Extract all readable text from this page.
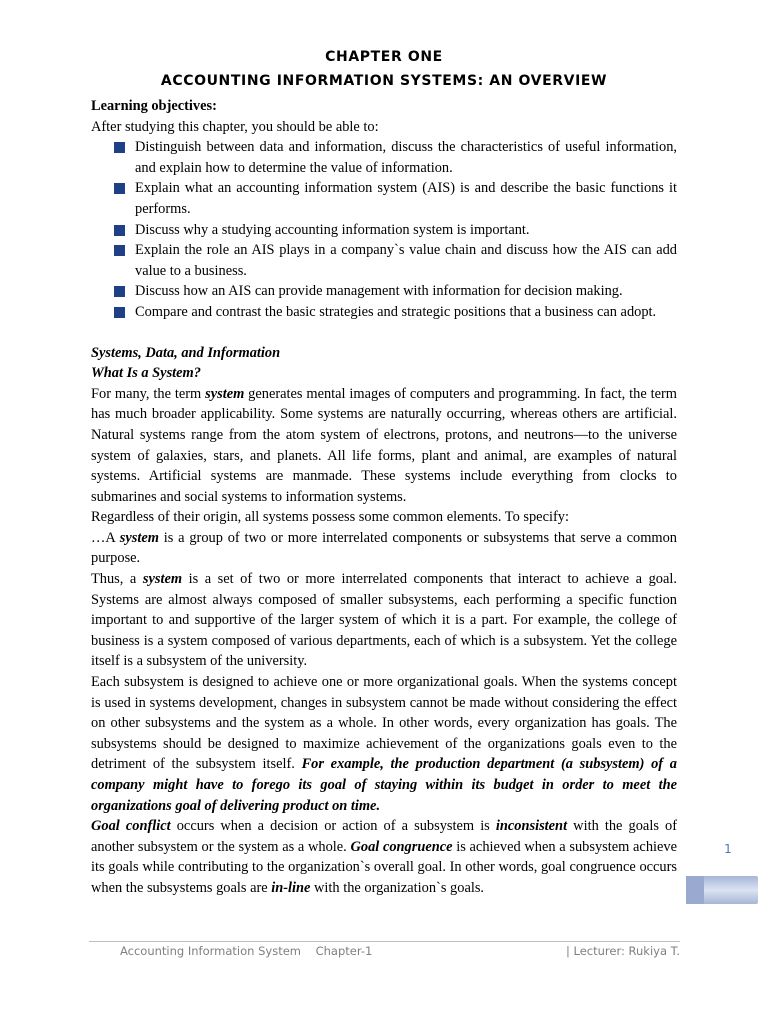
CHAPTER ONE
ACCOUNTING INFORMATION SYSTEMS: AN OVERVIEW

Learning objectives:

After studying this chapter, you should be able to:

Distinguish between data and information, discuss the characteristics of useful information, and explain how to determine the value of information.
Explain what an accounting information system (AIS) is and describe the basic functions it performs.
Discuss why a studying accounting information system is important.
Explain the role an AIS plays in a company`s value chain and discuss how the AIS can add value to a business.
Discuss how an AIS can provide management with information for decision making.
Compare and contrast the basic strategies and strategic positions that a business can adopt.

Systems, Data, and Information

What Is a System?

For many, the term system generates mental images of computers and programming. In fact, the term has much broader applicability. Some systems are naturally occurring, whereas others are artificial. Natural systems range from the atom system of electrons, protons, and neutrons—to the universe system of galaxies, stars, and planets. All life forms, plant and animal, are examples of natural systems. Artificial systems are manmade. These systems include everything from clocks to submarines and social systems to information systems.

Regardless of their origin, all systems possess some common elements. To specify:

…A system is a group of two or more interrelated components or subsystems that serve a common purpose.

Thus, a system is a set of two or more interrelated components that interact to achieve a goal. Systems are almost always composed of smaller subsystems, each performing a specific function important to and supportive of the larger system of which it is a part. For example, the college of business is a system composed of various departments, each of which is a subsystem. Yet the college itself is a subsystem of the university.

Each subsystem is designed to achieve one or more organizational goals. When the systems concept is used in systems development, changes in subsystem cannot be made without considering the effect on other subsystems and the system as a whole. In other words, every organization has goals. The subsystems should be designed to maximize achievement of the organizations goals even to the detriment of the subsystem itself. For example, the production department (a subsystem) of a company might have to forego its goal of staying within its budget in order to meet the organizations goal of delivering product on time.

Goal conflict occurs when a decision or action of a subsystem is inconsistent with the goals of another subsystem or the system as a whole. Goal congruence is achieved when a subsystem achieve its goals while contributing to the organization`s overall goal. In other words, goal congruence occurs when the subsystems goals are in-line with the organization`s goals.

1
Accounting Information System    Chapter-1	| Lecturer: Rukiya T.
